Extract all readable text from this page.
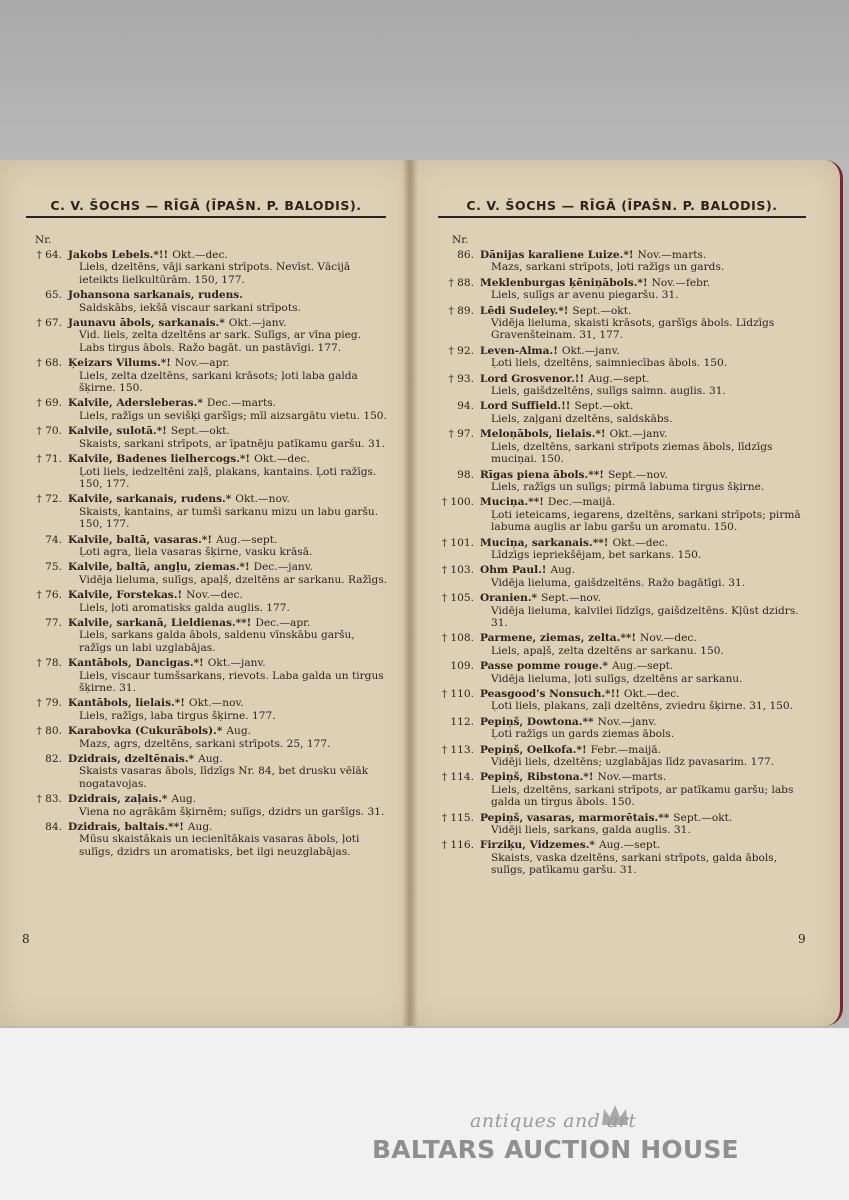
C. V. ŠOCHS — RĪGĀ (ĪPAŠN. P. BALODIS).
Nr.
† 64. Jakobs Lebels.*!! Okt.—dec.
Liels, dzeltēns, vāji sarkani strīpots. Nevīst. Vācijā ieteikts lielkultūrām. 150, 177.
65. Johansona sarkanais, rudens.
Saldskābs, iekšā viscaur sarkani strīpots.
† 67. Jaunavu ābols, sarkanais.* Okt.—janv.
Vid. liels, zelta dzeltēns ar sark. Sulīgs, ar vīna pieg. Labs tirgus ābols. Ražo bagāt. un pastāvīgi. 177.
† 68. Ķeizars Vilums.*! Nov.—apr.
Liels, zelta dzeltēns, sarkani krāsots; ļoti laba galda šķirne. 150.
† 69. Kalvile, Adersleberas.* Dec.—marts.
Liels, ražīgs un sevišķi garšīgs; mīl aizsargātu vietu. 150.
† 70. Kalvile, sulotā.*! Sept.—okt.
Skaists, sarkani strīpots, ar īpatnēju patīkamu garšu. 31.
† 71. Kalvile, Badenes lielhercogs.*! Okt.—dec.
Ļoti liels, iedzeltēni zaļš, plakans, kantains. Ļoti ražīgs. 150, 177.
† 72. Kalvile, sarkanais, rudens.* Okt.—nov.
Skaists, kantains, ar tumši sarkanu mizu un labu garšu. 150, 177.
74. Kalvile, baltā, vasaras.*! Aug.—sept.
Ļoti agra, liela vasaras šķirne, vasku krāsā.
75. Kalvile, baltā, angļu, ziemas.*! Dec.—janv.
Vidēja lieluma, sulīgs, apaļš, dzeltēns ar sarkanu. Ražīgs.
† 76. Kalvile, Forstekas.! Nov.—dec.
Liels, ļoti aromatisks galda auglis. 177.
77. Kalvile, sarkanā, Lieldienas.**! Dec.—apr.
Liels, sarkans galda ābols, saldenu vīnskābu garšu, ražīgs un labi uzglabājas.
† 78. Kantābols, Dancigas.*! Okt.—janv.
Liels, viscaur tumšsarkans, rievots. Laba galda un tirgus šķirne. 31.
† 79. Kantābols, lielais.*! Okt.—nov.
Liels, ražīgs, laba tirgus šķirne. 177.
† 80. Karabovka (Cukurābols).* Aug.
Mazs, agrs, dzeltēns, sarkani strīpots. 25, 177.
82. Dzidrais, dzeltēnais.* Aug.
Skaists vasaras ābols, līdzīgs Nr. 84, bet drusku vēlāk nogatavojas.
† 83. Dzidrais, zaļais.* Aug.
Viena no agrākām šķirnēm; sulīgs, dzidrs un garšīgs. 31.
84. Dzidrais, baltais.**! Aug.
Mūsu skaistākais un iecienītākais vasaras ābols, ļoti sulīgs, dzidrs un aromatisks, bet ilgi neuzglabājas.
8
C. V. ŠOCHS — RĪGĀ (ĪPAŠN. P. BALODIS).
Nr.
86. Dānijas karaliene Luize.*! Nov.—marts.
Mazs, sarkani strīpots, ļoti ražīgs un gards.
† 88. Meklenburgas ķēniņābols.*! Nov.—febr.
Liels, sulīgs ar avenu piegaršu. 31.
† 89. Lēdi Sudeley.*! Sept.—okt.
Vidēja lieluma, skaisti krāsots, garšīgs ābols. Līdzīgs Gravenšteinam. 31, 177.
† 92. Leven-Alma.! Okt.—janv.
Ļoti liels, dzeltēns, saimniecības ābols. 150.
† 93. Lord Grosvenor.!! Aug.—sept.
Liels, gaišdzeltēns, sulīgs saimn. auglis. 31.
94. Lord Suffield.!! Sept.—okt.
Liels, zaļgani dzeltēns, saldskābs.
† 97. Meloņābols, lielais.*! Okt.—janv.
Liels, dzeltēns, sarkani strīpots ziemas ābols, līdzīgs muciņai. 150.
98. Rīgas piena ābols.**! Sept.—nov.
Liels, ražīgs un sulīgs; pirmā labuma tirgus šķirne.
† 100. Muciņa.**! Dec.—maijā.
Ļoti ieteicams, iegarens, dzeltēns, sarkani strīpots; pirmā labuma auglis ar labu garšu un aromatu. 150.
† 101. Muciņa, sarkanais.**! Okt.—dec.
Līdzīgs iepriekšējam, bet sarkans. 150.
† 103. Ohm Paul.! Aug.
Vidēja lieluma, gaišdzeltēns. Ražo bagātīgi. 31.
† 105. Oranien.* Sept.—nov.
Vidēja lieluma, kalvilei līdzīgs, gaišdzeltēns. Kļūst dzidrs. 31.
† 108. Parmene, ziemas, zelta.**! Nov.—dec.
Liels, apaļš, zelta dzeltēns ar sarkanu. 150.
109. Passe pomme rouge.* Aug.—sept.
Vidēja lieluma, ļoti sulīgs, dzeltēns ar sarkanu.
† 110. Peasgood's Nonsuch.*!! Okt.—dec.
Ļoti liels, plakans, zaļi dzeltēns, zviedru šķirne. 31, 150.
112. Pepiņš, Dowtona.** Nov.—janv.
Ļoti ražīgs un gards ziemas ābols.
† 113. Pepiņš, Oelkofa.*! Febr.—maijā.
Vidēji liels, dzeltēns; uzglabājas līdz pavasarim. 177.
† 114. Pepiņš, Ribstona.*! Nov.—marts.
Liels, dzeltēns, sarkani strīpots, ar patīkamu garšu; labs galda un tirgus ābols. 150.
† 115. Pepiņš, vasaras, marmorētais.** Sept.—okt.
Vidēji liels, sarkans, galda auglis. 31.
† 116. Firziķu, Vidzemes.* Aug.—sept.
Skaists, vaska dzeltēns, sarkani strīpots, galda ābols, sulīgs, patīkamu garšu. 31.
9
antiques and art
BALTARS AUCTION HOUSE
